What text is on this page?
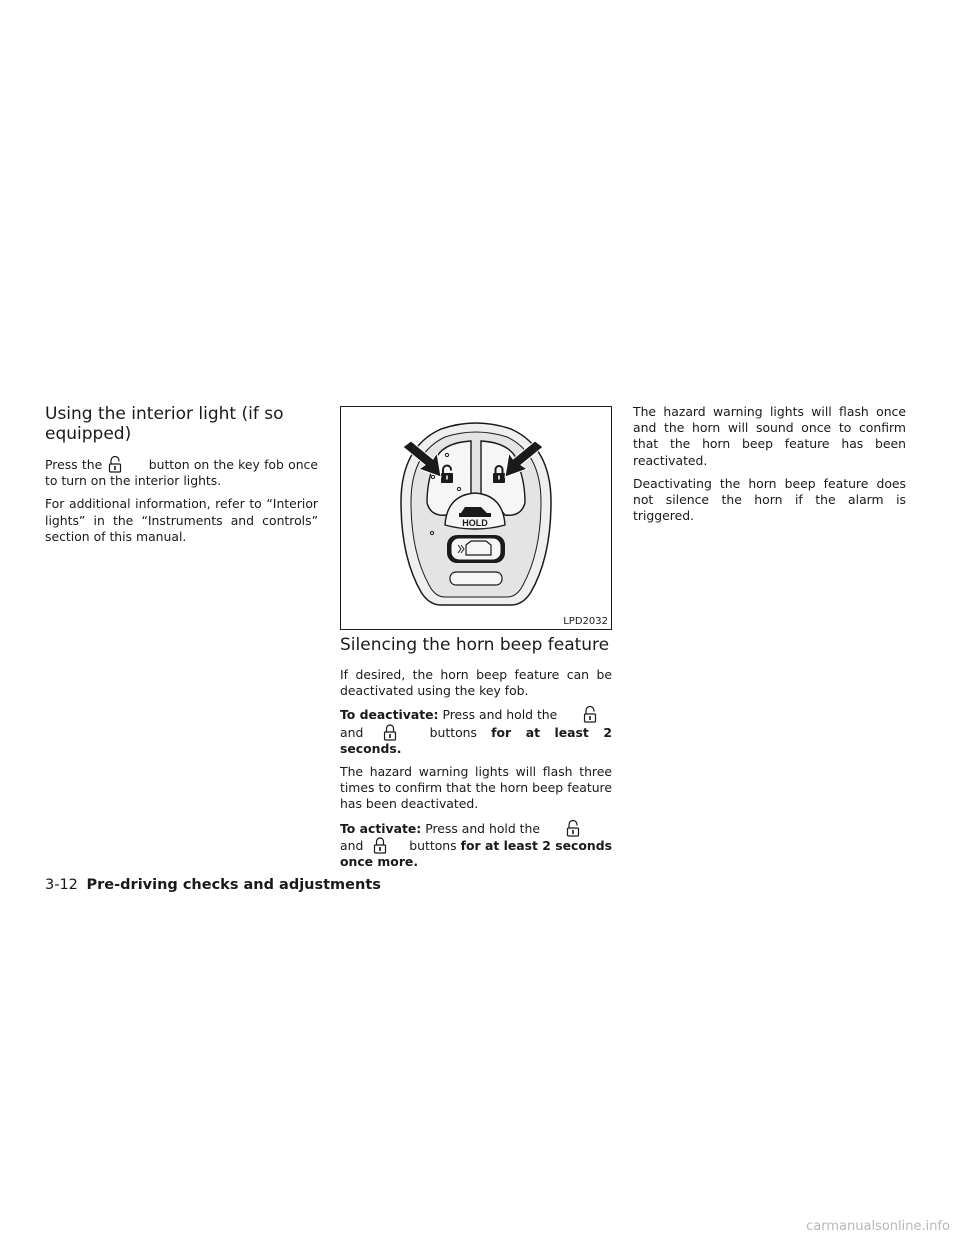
Using the interior light (if so equipped)

Press the	button on the key fob once to turn on the interior lights.

For additional information, refer to “Interior lights” in the “Instruments and controls” section of this manual.

HOLD
LPD2032
Silencing the horn beep feature

If desired, the horn beep feature can be deactivated using the key fob.

To deactivate: Press and hold the
and	buttons for at least 2 seconds.

The hazard warning lights will flash three times to confirm that the horn beep feature has been deactivated.

To activate: Press and hold the
and	buttons for at least 2 seconds once more.

The hazard warning lights will flash once and the horn will sound once to confirm that the horn beep feature has been reactivated.

Deactivating the horn beep feature does not silence the horn if the alarm is triggered.

3-12 Pre-driving checks and adjustments
carmanualsonline.info
